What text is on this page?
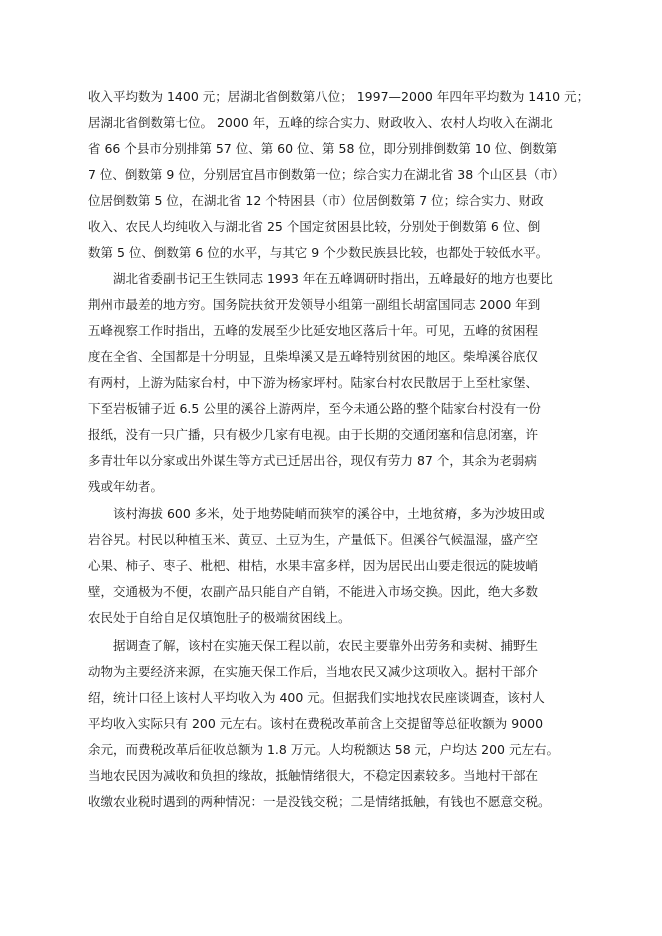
收入平均数为 1400 元；居湖北省倒数第八位； 1997—2000 年四年平均数为 1410 元；
居湖北省倒数第七位。 2000 年，五峰的综合实力、财政收入、农村人均收入在湖北
省 66 个县市分别排第 57 位、第 60 位、第 58 位，即分别排倒数第 10 位、倒数第
7 位、倒数第 9 位，分别居宜昌市倒数第一位；综合实力在湖北省 38 个山区县（市）
位居倒数第 5 位，在湖北省 12 个特困县（市）位居倒数第 7 位；综合实力、财政
收入、农民人均纯收入与湖北省 25 个国定贫困县比较，分别处于倒数第 6 位、倒
数第 5 位、倒数第 6 位的水平，与其它 9 个少数民族县比较，也都处于较低水平。
湖北省委副书记王生铁同志 1993 年在五峰调研时指出，五峰最好的地方也要比
荆州市最差的地方穷。国务院扶贫开发领导小组第一副组长胡富国同志 2000 年到
五峰视察工作时指出，五峰的发展至少比延安地区落后十年。可见，五峰的贫困程
度在全省、全国都是十分明显，且柴埠溪又是五峰特别贫困的地区。柴埠溪谷底仅
有两村，上游为陆家台村，中下游为杨家坪村。陆家台村农民散居于上至杜家堡、
下至岩板铺子近 6.5 公里的溪谷上游两岸，至今未通公路的整个陆家台村没有一份
报纸，没有一只广播，只有极少几家有电视。由于长期的交通闭塞和信息闭塞，许
多青壮年以分家或出外谋生等方式已迁居出谷，现仅有劳力 87 个，其余为老弱病
残或年幼者。
该村海拔 600 多米，处于地势陡峭而狭窄的溪谷中，土地贫瘠，多为沙坡田或
岩谷旯。村民以种植玉米、黄豆、土豆为生，产量低下。但溪谷气候温湿，盛产空
心果、柿子、枣子、枇杷、柑桔，水果丰富多样，因为居民出山要走很远的陡坡峭
壁，交通极为不便，农副产品只能自产自销，不能进入市场交换。因此，绝大多数
农民处于自给自足仅填饱肚子的极端贫困线上。
据调查了解，该村在实施天保工程以前，农民主要靠外出劳务和卖树、捕野生
动物为主要经济来源，在实施天保工作后，当地农民又减少这项收入。据村干部介
绍，统计口径上该村人平均收入为 400 元。但据我们实地找农民座谈调查，该村人
平均收入实际只有 200 元左右。该村在费税改革前含上交提留等总征收额为 9000
余元，而费税改革后征收总额为 1.8 万元。人均税额达 58 元，户均达 200 元左右。
当地农民因为减收和负担的缘故，抵触情绪很大，不稳定因素较多。当地村干部在
收缴农业税时遇到的两种情况：一是没钱交税；二是情绪抵触，有钱也不愿意交税。
